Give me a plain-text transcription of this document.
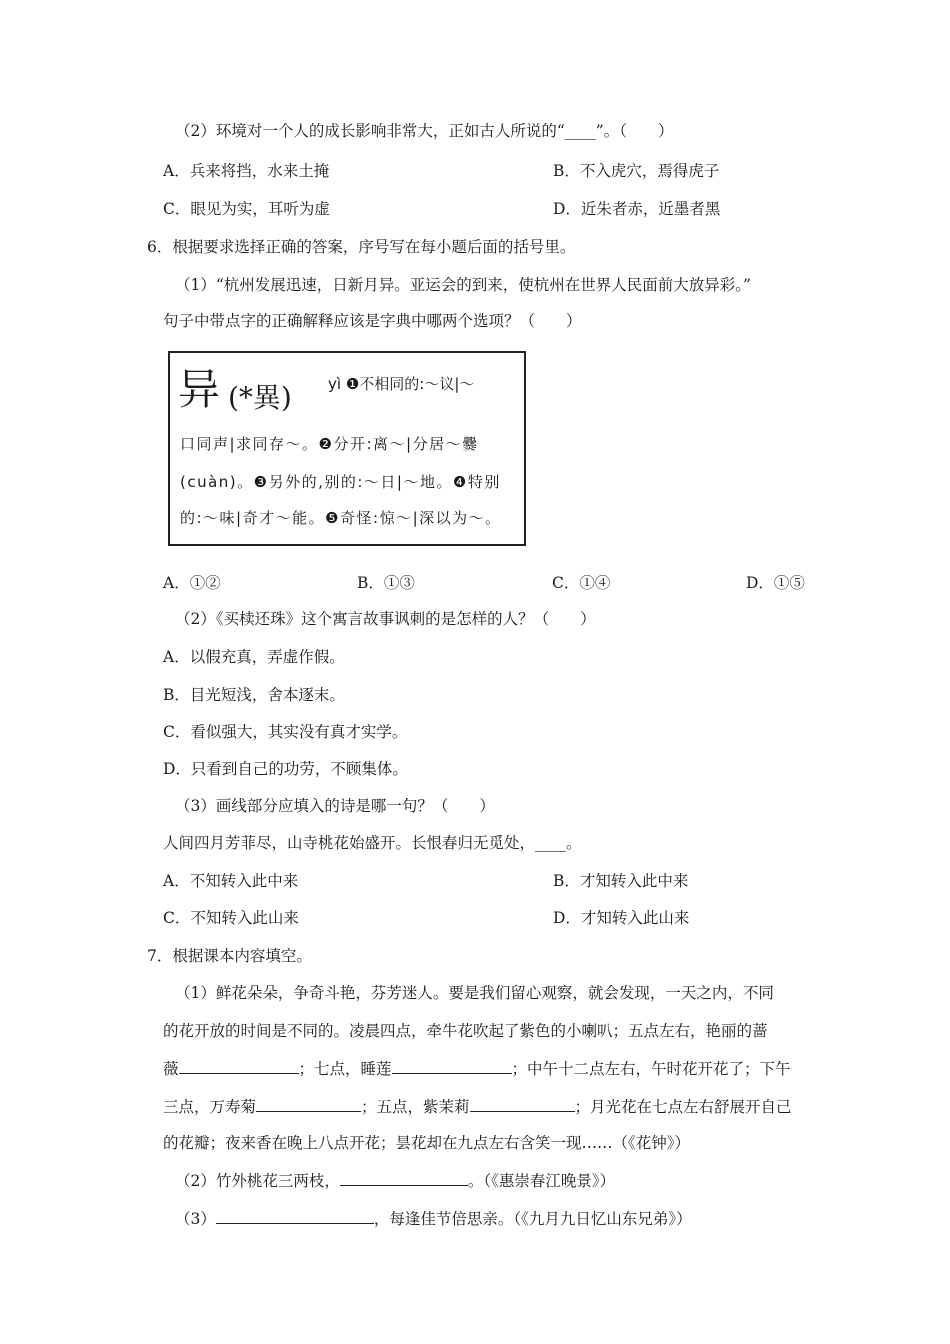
（2）环境对一个人的成长影响非常大，正如古人所说的“____”。（　　）
A．兵来将挡，水来土掩	B．不入虎穴，焉得虎子
C．眼见为实，耳听为虚	D．近朱者赤，近墨者黑
6．根据要求选择正确的答案，序号写在每小题后面的括号里。
（1）“杭州发展迅速，日新月异。亚运会的到来，使杭州在世界人民面前大放异彩。”
句子中带点字的正确解释应该是字典中哪两个选项？（　　）
异 (*異) yì ❶不相同的:～议|～
口同声|求同存～。❷分开:离～|分居～爨
(cuàn)。❸另外的,别的:～日|～地。❹特别
的:～味|奇才～能。❺奇怪:惊～|深以为～。
A．①②	B．①③	C．①④	D．①⑤
（2）《买椟还珠》这个寓言故事讽刺的是怎样的人？（　　）
A．以假充真，弄虚作假。
B．目光短浅，舍本逐末。
C．看似强大，其实没有真才实学。
D．只看到自己的功劳，不顾集体。
（3）画线部分应填入的诗是哪一句？（　　）
人间四月芳菲尽，山寺桃花始盛开。长恨春归无觅处，____。
A．不知转入此中来	B．才知转入此中来
C．不知转入此山来	D．才知转入此山来
7．根据课本内容填空。
（1）鲜花朵朵，争奇斗艳，芬芳迷人。要是我们留心观察，就会发现，一天之内，不同
的花开放的时间是不同的。凌晨四点，牵牛花吹起了紫色的小喇叭；五点左右，艳丽的蔷
薇	；七点，睡莲	；中午十二点左右，午时花开花了；下午
三点，万寿菊	；五点，紫茉莉	；月光花在七点左右舒展开自己
的花瓣；夜来香在晚上八点开花；昙花却在九点左右含笑一现……（《花钟》）
（2）竹外桃花三两枝，	。（《惠崇春江晚景》）
（3）	，每逢佳节倍思亲。（《九月九日忆山东兄弟》）
